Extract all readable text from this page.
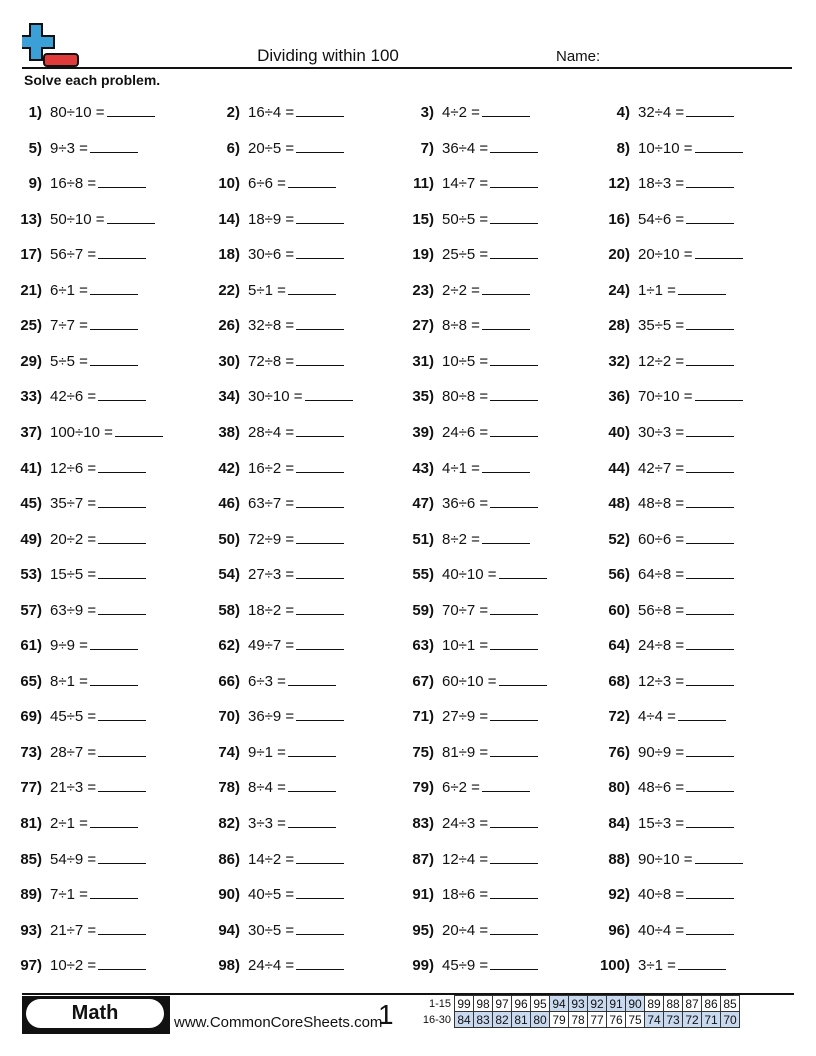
Dividing within 100	Name:
Solve each problem.
1) 80÷10 =	2) 16÷4 =	3) 4÷2 =	4) 32÷4 =
5) 9÷3 =	6) 20÷5 =	7) 36÷4 =	8) 10÷10 =
9) 16÷8 =	10) 6÷6 =	11) 14÷7 =	12) 18÷3 =
13) 50÷10 =	14) 18÷9 =	15) 50÷5 =	16) 54÷6 =
17) 56÷7 =	18) 30÷6 =	19) 25÷5 =	20) 20÷10 =
21) 6÷1 =	22) 5÷1 =	23) 2÷2 =	24) 1÷1 =
25) 7÷7 =	26) 32÷8 =	27) 8÷8 =	28) 35÷5 =
29) 5÷5 =	30) 72÷8 =	31) 10÷5 =	32) 12÷2 =
33) 42÷6 =	34) 30÷10 =	35) 80÷8 =	36) 70÷10 =
37) 100÷10 =	38) 28÷4 =	39) 24÷6 =	40) 30÷3 =
41) 12÷6 =	42) 16÷2 =	43) 4÷1 =	44) 42÷7 =
45) 35÷7 =	46) 63÷7 =	47) 36÷6 =	48) 48÷8 =
49) 20÷2 =	50) 72÷9 =	51) 8÷2 =	52) 60÷6 =
53) 15÷5 =	54) 27÷3 =	55) 40÷10 =	56) 64÷8 =
57) 63÷9 =	58) 18÷2 =	59) 70÷7 =	60) 56÷8 =
61) 9÷9 =	62) 49÷7 =	63) 10÷1 =	64) 24÷8 =
65) 8÷1 =	66) 6÷3 =	67) 60÷10 =	68) 12÷3 =
69) 45÷5 =	70) 36÷9 =	71) 27÷9 =	72) 4÷4 =
73) 28÷7 =	74) 9÷1 =	75) 81÷9 =	76) 90÷9 =
77) 21÷3 =	78) 8÷4 =	79) 6÷2 =	80) 48÷6 =
81) 2÷1 =	82) 3÷3 =	83) 24÷3 =	84) 15÷3 =
85) 54÷9 =	86) 14÷2 =	87) 12÷4 =	88) 90÷10 =
89) 7÷1 =	90) 40÷5 =	91) 18÷6 =	92) 40÷8 =
93) 21÷7 =	94) 30÷5 =	95) 20÷4 =	96) 40÷4 =
97) 10÷2 =	98) 24÷4 =	99) 45÷9 =	100) 3÷1 =
Math	www.CommonCoreSheets.com
1	1-15	99	98	97	96	95	94	93	92	91	90	89	88	87	86	85
16-30	84	83	82	81	80	79	78	77	76	75	74	73	72	71	70
